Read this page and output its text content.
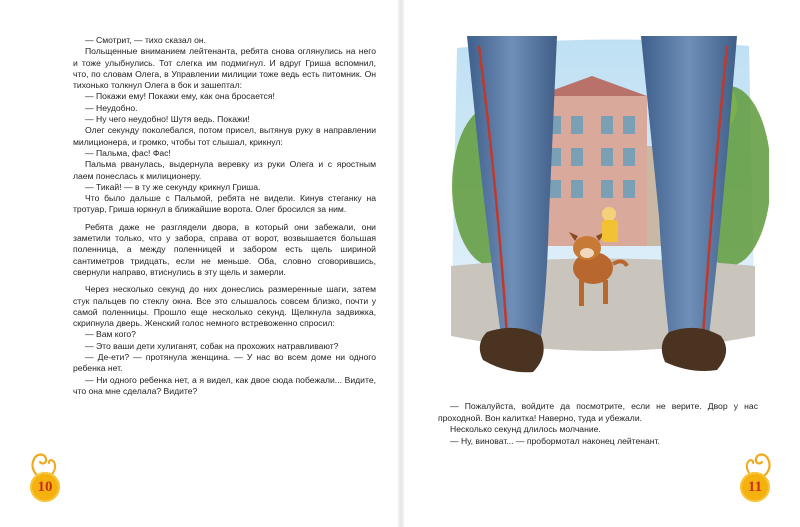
— Смотрит, — тихо сказал он.

Польщенные вниманием лейтенанта, ребята снова оглянулись на него и тоже улыбнулись. Тот слегка им подмигнул. И вдруг Гриша вспомнил, что, по словам Олега, в Управлении милиции тоже ведь есть питомник. Он тихонько толкнул Олега в бок и зашептал:

— Покажи ему! Покажи ему, как она бросается!

— Неудобно.

— Ну чего неудобно! Шутя ведь. Покажи!

Олег секунду поколебался, потом присел, вытянув руку в направлении милиционера, и громко, чтобы тот слышал, крикнул:

— Пальма, фас! Фас!

Пальма рванулась, выдернула веревку из руки Олега и с яростным лаем понеслась к милиционеру.

— Тикай! — в ту же секунду крикнул Гриша.

Что было дальше с Пальмой, ребята не видели. Кинув стеганку на тротуар, Гриша юркнул в ближайшие ворота. Олег бросился за ним.

Ребята даже не разглядели двора, в который они забежали, они заметили только, что у забора, справа от ворот, возвышается большая поленница, а между поленницей и забором есть щель шириной сантиметров тридцать, если не меньше. Оба, словно сговорившись, свернули направо, втиснулись в эту щель и замерли.

Через несколько секунд до них донеслись размеренные шаги, затем стук пальцев по стеклу окна. Все это слышалось совсем близко, почти у самой поленницы. Прошло еще несколько секунд. Щелкнула задвижка, скрипнула дверь. Женский голос немного встревоженно спросил:

— Вам кого?

— Это ваши дети хулиганят, собак на прохожих натравливают?

— Де-ети? — протянула женщина. — У нас во всем доме ни одного ребенка нет.

— Ни одного ребенка нет, а я видел, как двое сюда побежали... Видите, что она мне сделала? Видите?

10

— Пожалуйста, войдите да посмотрите, если не верите. Двор у нас проходной. Вон калитка! Наверно, туда и убежали.

Несколько секунд длилось молчание.

— Ну, виноват... — пробормотал наконец лейтенант.

11
